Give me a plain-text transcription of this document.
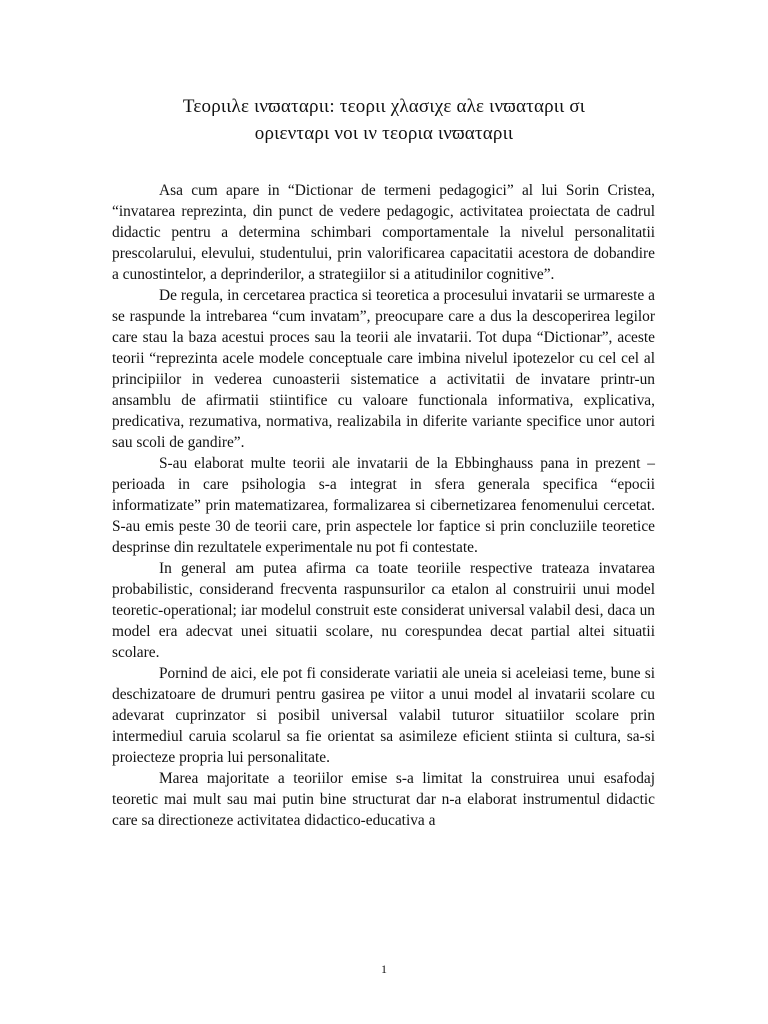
Τεοριιλε ινϖαταριι: τεοριι χλασιχε αλε ινϖαταριι σι
οριενταρι νοι ιν τεορια ινϖαταριι

Asa cum apare in “Dictionar de termeni pedagogici” al lui Sorin Cristea, “invatarea reprezinta, din punct de vedere pedagogic, activitatea proiectata de cadrul didactic pentru a determina schimbari comportamentale la nivelul personalitatii prescolarului, elevului, studentului, prin valorificarea capacitatii acestora de dobandire a cunostintelor, a deprinderilor, a strategiilor si a atitudinilor cognitive”.

De regula, in cercetarea practica si teoretica a procesului invatarii se urmareste a se raspunde la intrebarea “cum invatam”, preocupare care a dus la descoperirea legilor care stau la baza acestui proces sau la teorii ale invatarii. Tot dupa “Dictionar”, aceste teorii “reprezinta acele modele conceptuale care imbina nivelul ipotezelor cu cel cel al principiilor in vederea cunoasterii sistematice a activitatii de invatare printr-un ansamblu de afirmatii stiintifice cu valoare functionala informativa, explicativa, predicativa, rezumativa, normativa, realizabila in diferite variante specifice unor autori sau scoli de gandire”.

S-au elaborat multe teorii ale invatarii de la Ebbinghauss pana in prezent – perioada in care psihologia s-a integrat in sfera generala specifica “epocii informatizate” prin matematizarea, formalizarea si cibernetizarea fenomenului cercetat. S-au emis peste 30 de teorii care, prin aspectele lor faptice si prin concluziile teoretice desprinse din rezultatele experimentale nu pot fi contestate.

In general am putea afirma ca toate teoriile respective trateaza invatarea probabilistic, considerand frecventa raspunsurilor ca etalon al construirii unui model teoretic-operational; iar modelul construit este considerat universal valabil desi, daca un model era adecvat unei situatii scolare, nu corespundea decat partial altei situatii scolare.

Pornind de aici, ele pot fi considerate variatii ale uneia si aceleiasi teme, bune si deschizatoare de drumuri pentru gasirea pe viitor a unui model al invatarii scolare cu adevarat cuprinzator si posibil universal valabil tuturor situatiilor scolare prin intermediul caruia scolarul sa fie orientat sa asimileze eficient stiinta si cultura, sa-si proiecteze propria lui personalitate.

Marea majoritate a teoriilor emise s-a limitat la construirea unui esafodaj teoretic mai mult sau mai putin bine structurat dar n-a elaborat instrumentul didactic care sa directioneze activitatea didactico-educativa a

1
